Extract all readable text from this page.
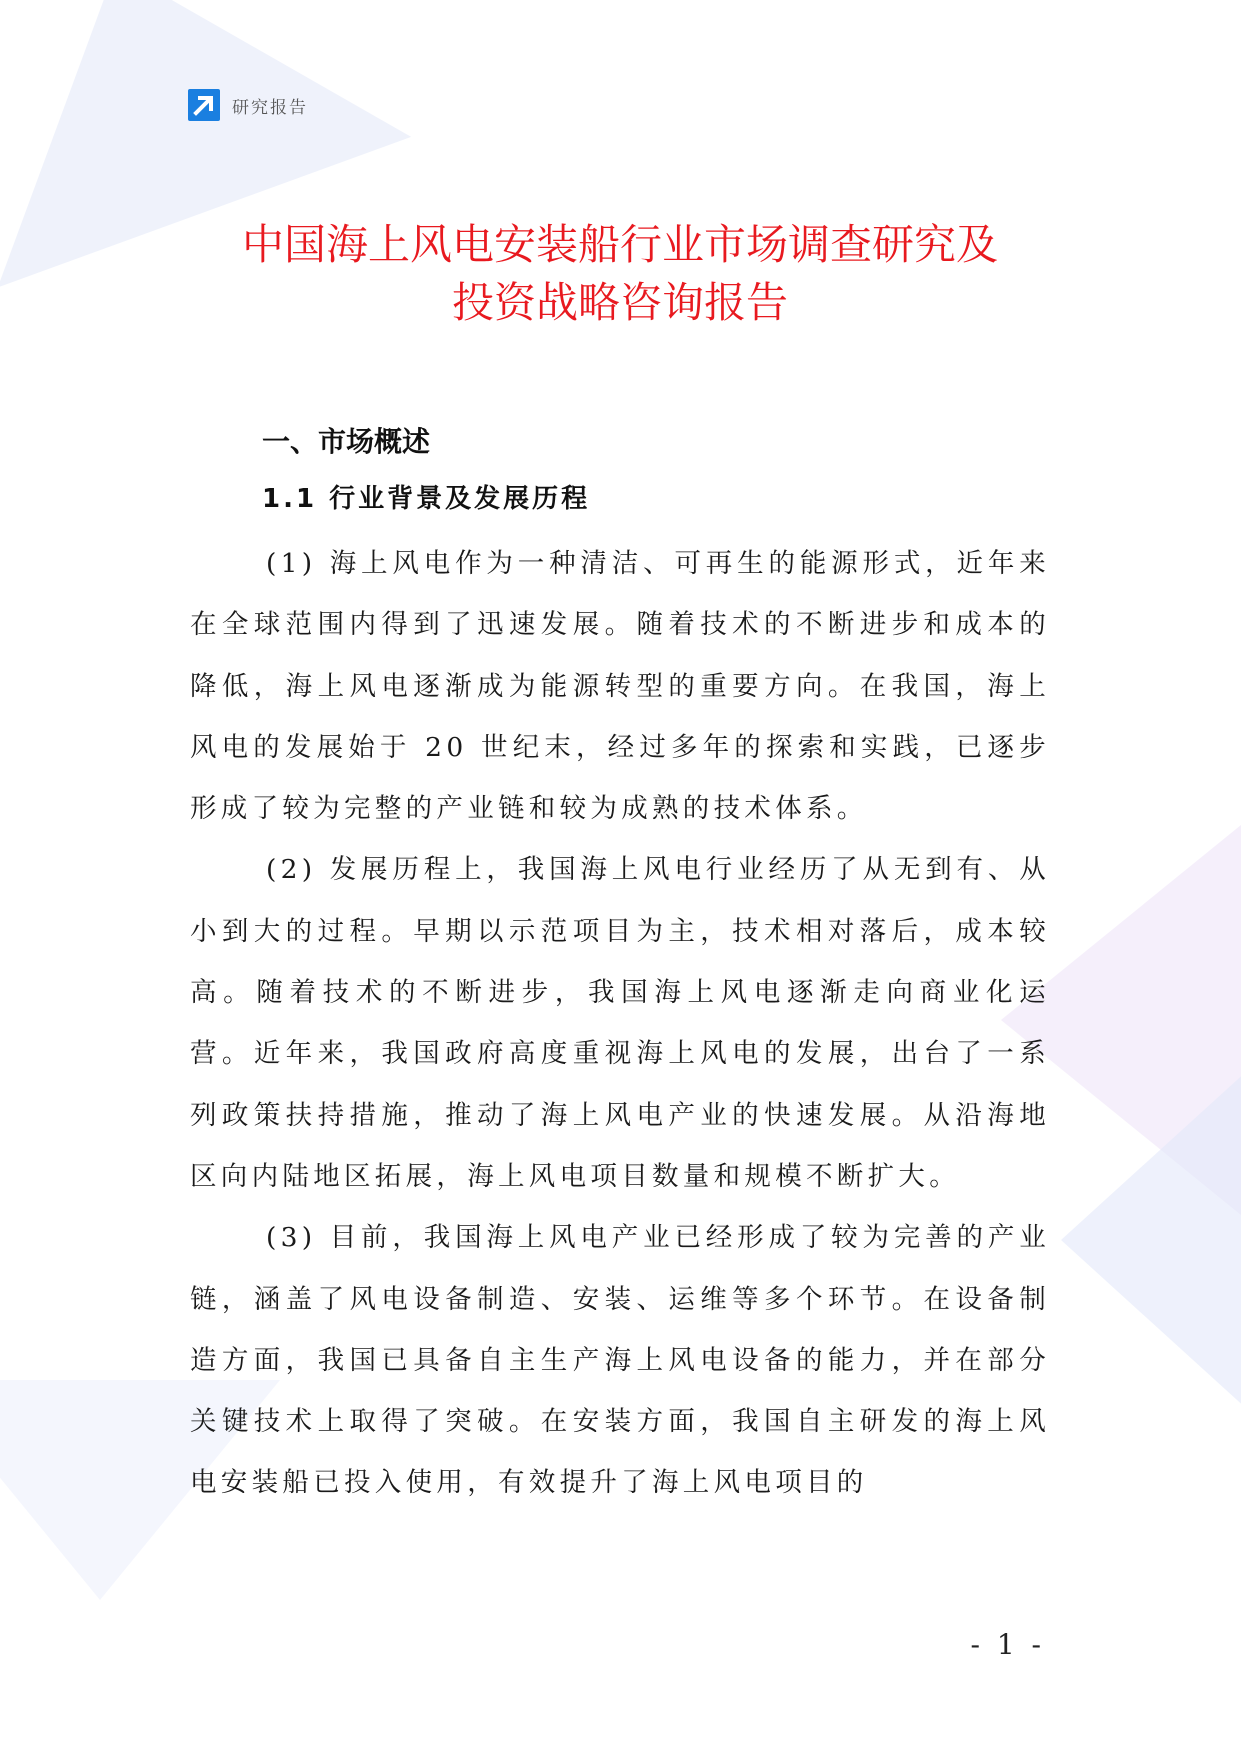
研究报告
中国海上风电安装船行业市场调查研究及
投资战略咨询报告
一、市场概述
1.1 行业背景及发展历程

(1) 海上风电作为一种清洁、可再生的能源形式，近年来在全球范围内得到了迅速发展。随着技术的不断进步和成本的降低，海上风电逐渐成为能源转型的重要方向。在我国，海上风电的发展始于 20 世纪末，经过多年的探索和实践，已逐步形成了较为完整的产业链和较为成熟的技术体系。

(2) 发展历程上，我国海上风电行业经历了从无到有、从小到大的过程。早期以示范项目为主，技术相对落后，成本较高。随着技术的不断进步，我国海上风电逐渐走向商业化运营。近年来，我国政府高度重视海上风电的发展，出台了一系列政策扶持措施，推动了海上风电产业的快速发展。从沿海地区向内陆地区拓展，海上风电项目数量和规模不断扩大。

(3) 目前，我国海上风电产业已经形成了较为完善的产业链，涵盖了风电设备制造、安装、运维等多个环节。在设备制造方面，我国已具备自主生产海上风电设备的能力，并在部分关键技术上取得了突破。在安装方面，我国自主研发的海上风电安装船已投入使用，有效提升了海上风电项目的

- 1 -
